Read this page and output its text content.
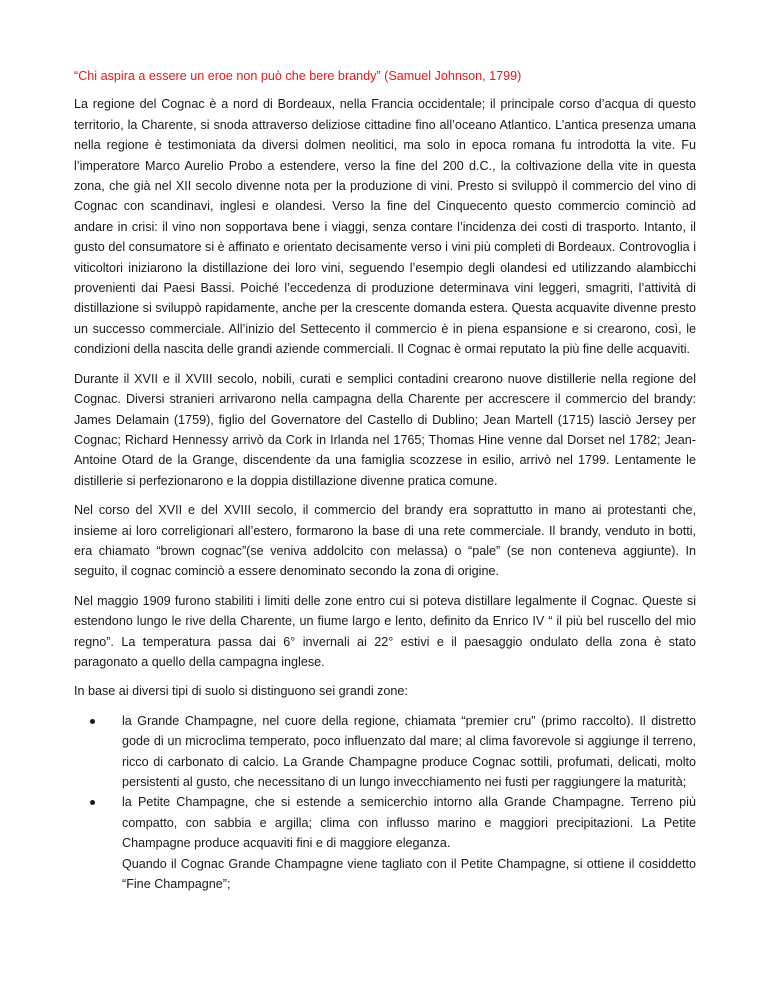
“Chi aspira a essere un eroe non può che bere brandy” (Samuel Johnson, 1799)

La regione del Cognac è a nord di Bordeaux, nella Francia occidentale; il principale corso d’acqua di questo territorio, la Charente, si snoda attraverso deliziose cittadine fino all’oceano Atlantico. L’antica presenza umana nella regione è testimoniata da diversi dolmen neolitici, ma solo in epoca romana fu introdotta la vite. Fu l’imperatore Marco Aurelio Probo a estendere, verso la fine del 200 d.C., la coltivazione della vite in questa zona, che già nel XII secolo divenne nota per la produzione di vini. Presto si sviluppò il commercio del vino di Cognac con scandinavi, inglesi e olandesi. Verso la fine del Cinquecento questo commercio cominciò ad andare in crisi: il vino non sopportava bene i viaggi, senza contare l’incidenza dei costi di trasporto. Intanto, il gusto del consumatore si è affinato e orientato decisamente verso i vini più completi di Bordeaux. Controvoglia i viticoltori iniziarono la distillazione dei loro vini, seguendo l’esempio degli olandesi ed utilizzando alambicchi provenienti dai Paesi Bassi. Poiché l’eccedenza di produzione determinava vini leggeri, smagriti, l’attività di distillazione si sviluppò rapidamente, anche per la crescente domanda estera. Questa acquavite divenne presto un successo commerciale. All’inizio del Settecento il commercio è in piena espansione e si crearono, così, le condizioni della nascita delle grandi aziende commerciali. Il Cognac è ormai reputato la più fine delle acquaviti.

Durante il XVII e il XVIII secolo, nobili, curati e semplici contadini crearono nuove distillerie nella regione del Cognac. Diversi stranieri arrivarono nella campagna della Charente per accrescere il commercio del brandy: James Delamain (1759), figlio del Governatore del Castello di Dublino; Jean Martell (1715) lasciò Jersey per Cognac; Richard Hennessy arrivò da Cork in Irlanda nel 1765; Thomas Hine venne dal Dorset nel 1782; Jean-Antoine Otard de la Grange, discendente da una famiglia scozzese in esilio, arrivò nel 1799. Lentamente le distillerie si perfezionarono e la doppia distillazione divenne pratica comune.

Nel corso del XVII e del XVIII secolo, il commercio del brandy era soprattutto in mano ai protestanti che, insieme ai loro correligionari all’estero, formarono la base di una rete commerciale. Il brandy, venduto in botti, era chiamato “brown cognac”(se veniva addolcito con melassa) o “pale” (se non conteneva aggiunte). In seguito, il cognac cominciò a essere denominato secondo la zona di origine.

Nel maggio 1909 furono stabiliti i limiti delle zone entro cui si poteva distillare legalmente il Cognac. Queste si estendono lungo le rive della Charente, un fiume largo e lento, definito da Enrico IV “ il più bel ruscello del mio regno”. La temperatura passa dai 6° invernali ai 22° estivi e il paesaggio ondulato della zona è stato paragonato a quello della campagna inglese.

In base ai diversi tipi di suolo si distinguono sei grandi zone:

la Grande Champagne, nel cuore della regione, chiamata “premier cru” (primo raccolto). Il distretto gode di un microclima temperato, poco influenzato dal mare; al clima favorevole si aggiunge il terreno, ricco di carbonato di calcio. La Grande Champagne produce Cognac sottili, profumati, delicati, molto persistenti al gusto, che necessitano di un lungo invecchiamento nei fusti per raggiungere la maturità;
la Petite Champagne, che si estende a semicerchio intorno alla Grande Champagne. Terreno più compatto, con sabbia e argilla; clima con influsso marino e maggiori precipitazioni. La Petite Champagne produce acquaviti fini e di maggiore eleganza.
Quando il Cognac Grande Champagne viene tagliato con il Petite Champagne, si ottiene il cosiddetto “Fine Champagne”;
